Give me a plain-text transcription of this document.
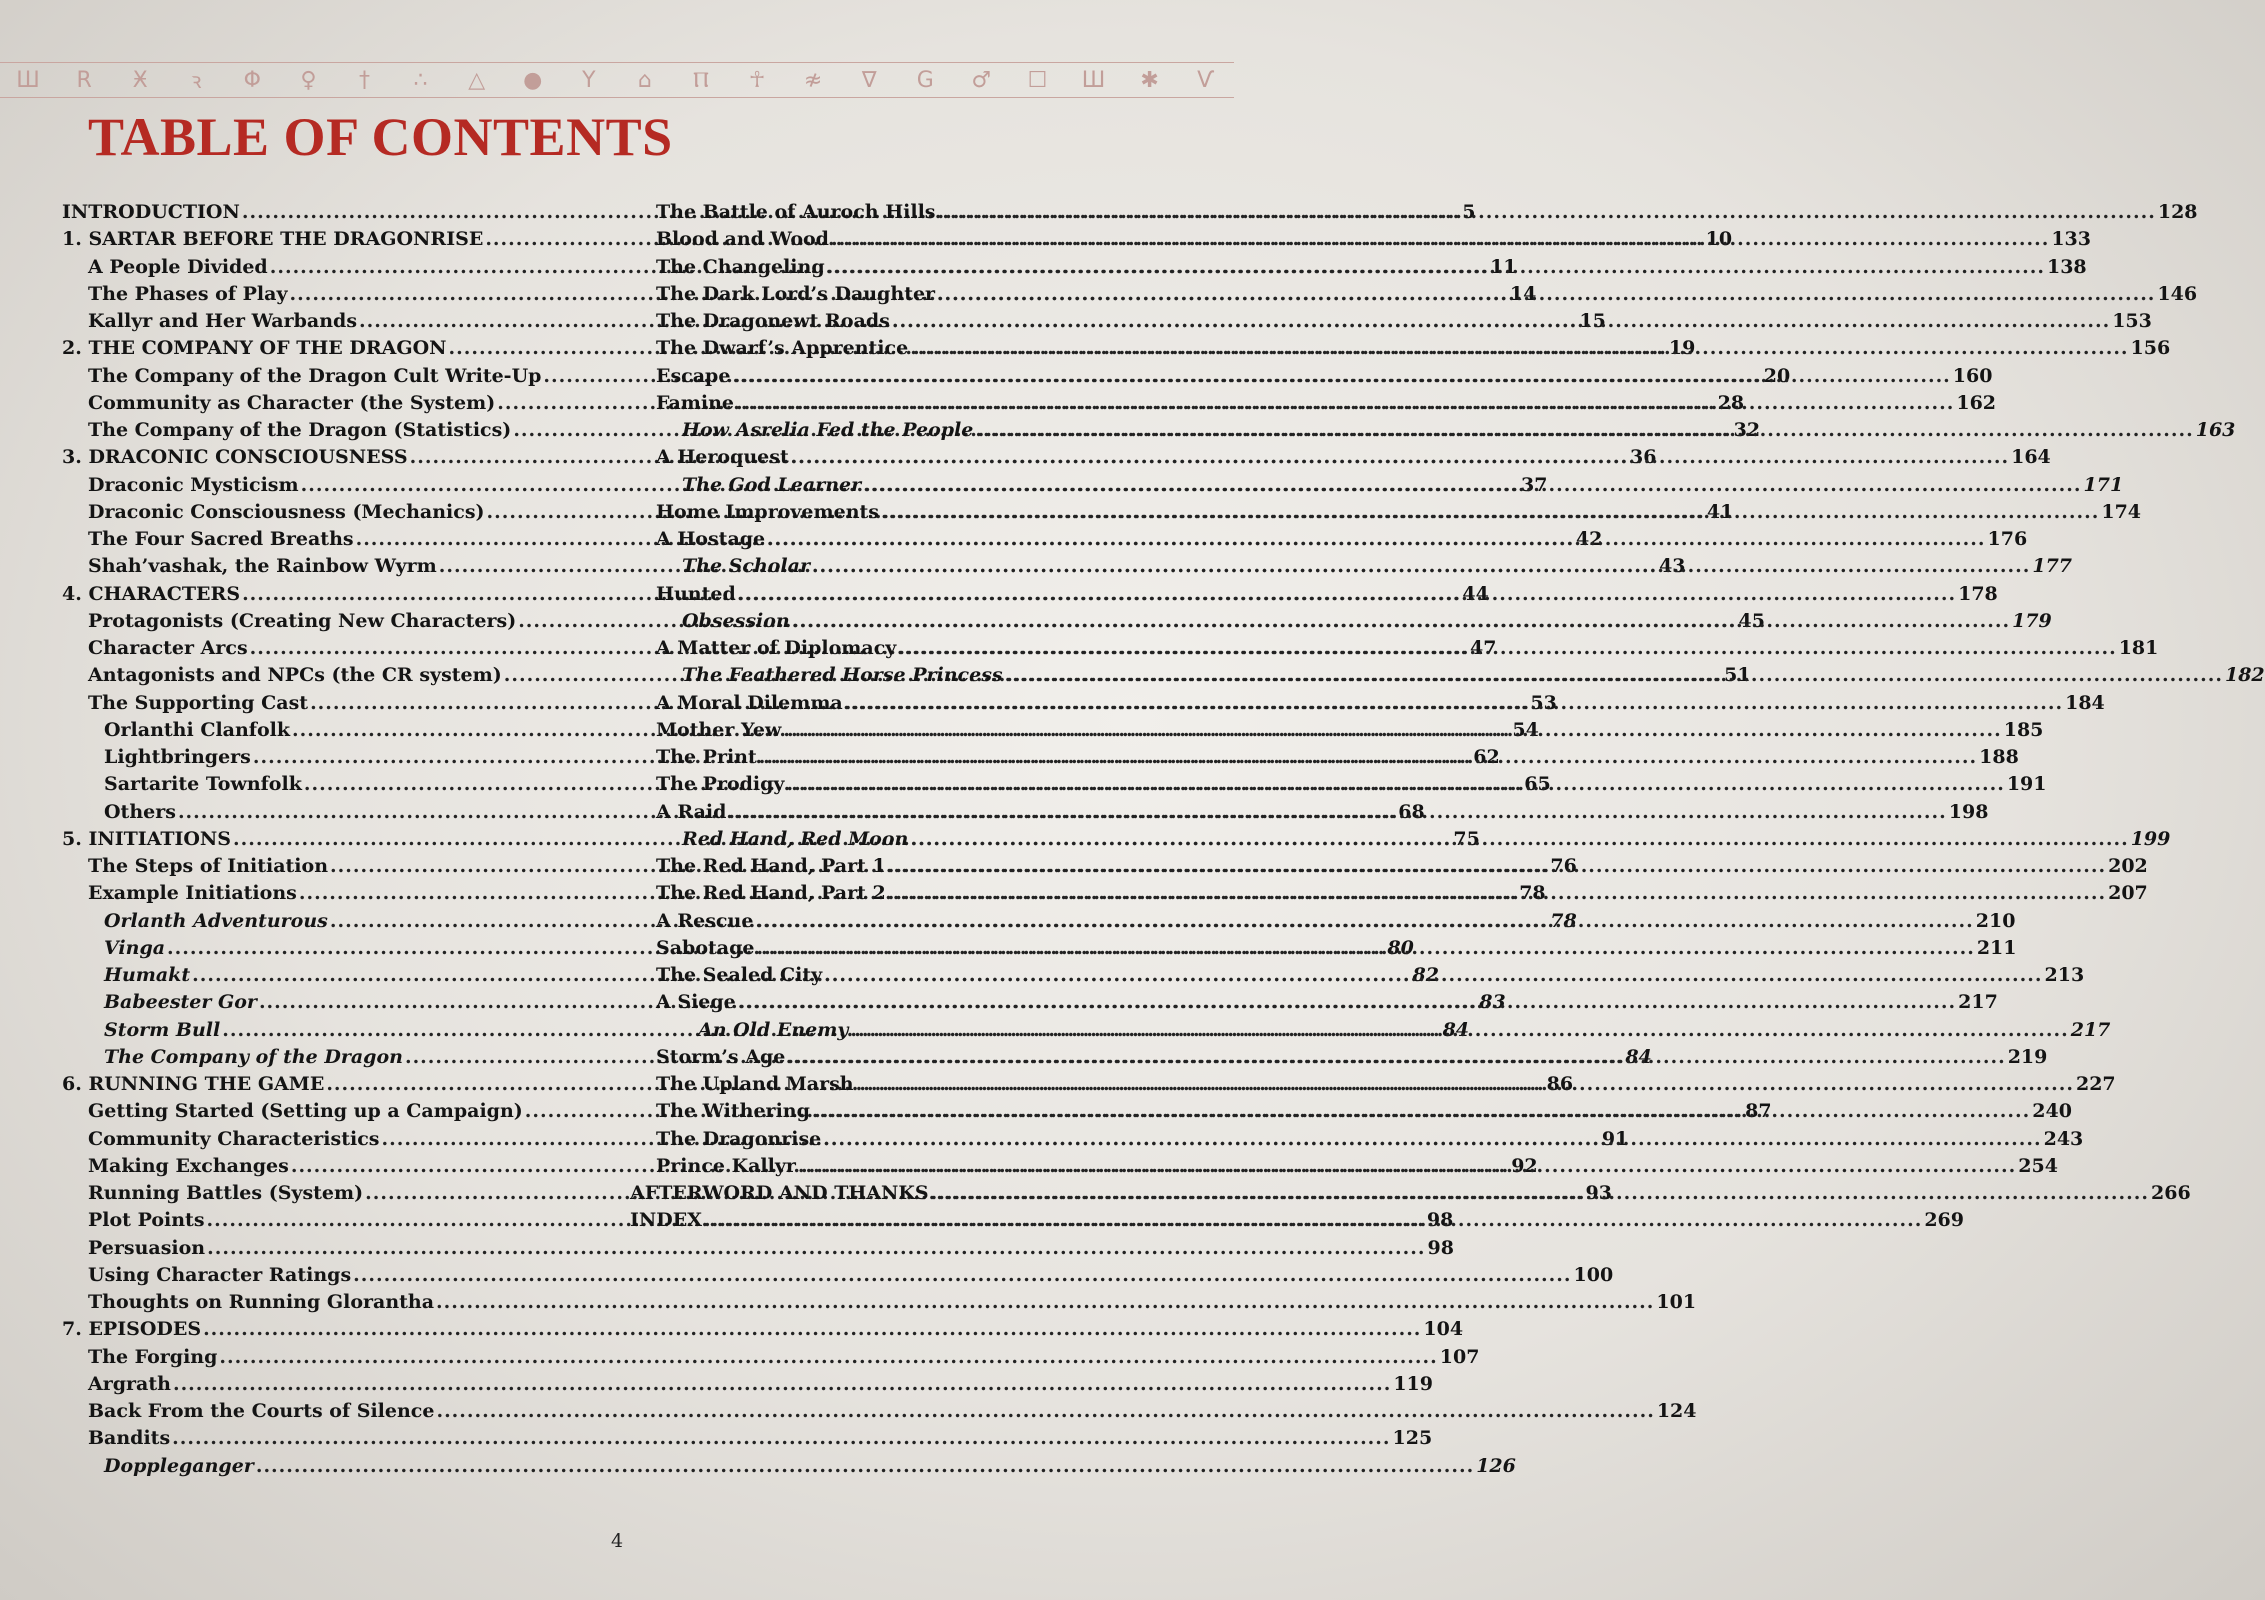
Ш	R	Ӿ	ꝛ	Φ	♀	†	∴	△	●	Y	⌂	Ⲡ	☥	≉	∇	G	♂	☐	Ш	✱	Ѵ
TABLE OF CONTENTS
INTRODUCTION .....	5
1. SARTAR BEFORE THE DRAGONRISE .....	10
A People Divided .....	11
The Phases of Play .....	14
Kallyr and Her Warbands .....	15
2. THE COMPANY OF THE DRAGON .....	19
The Company of the Dragon Cult Write-Up .....	20
Community as Character (the System) .....	28
The Company of the Dragon (Statistics) .....	32
3. DRACONIC CONSCIOUSNESS .....	36
Draconic Mysticism .....	37
Draconic Consciousness (Mechanics) .....	41
The Four Sacred Breaths .....	42
Shah’vashak, the Rainbow Wyrm .....	43
4. CHARACTERS .....	44
Protagonists (Creating New Characters) .....	45
Character Arcs .....	47
Antagonists and NPCs (the CR system) .....	51
The Supporting Cast .....	53
Orlanthi Clanfolk .....	54
Lightbringers .....	62
Sartarite Townfolk .....	65
Others .....	68
5. INITIATIONS .....	75
The Steps of Initiation .....	76
Example Initiations .....	78
Orlanth Adventurous .....	78
Vinga .....	80
Humakt .....	82
Babeester Gor .....	83
Storm Bull .....	84
The Company of the Dragon .....	84
6. RUNNING THE GAME .....	86
Getting Started (Setting up a Campaign) .....	87
Community Characteristics .....	91
Making Exchanges .....	92
Running Battles (System) .....	93
Plot Points .....	98
Persuasion .....	98
Using Character Ratings .....	100
Thoughts on Running Glorantha .....	101
7. EPISODES .....	104
The Forging .....	107
Argrath .....	119
Back From the Courts of Silence .....	124
Bandits .....	125
Doppleganger .....	126
The Battle of Auroch Hills .....	128
Blood and Wood .....	133
The Changeling .....	138
The Dark Lord’s Daughter .....	146
The Dragonewt Roads .....	153
The Dwarf’s Apprentice .....	156
Escape .....	160
Famine .....	162
How Asrelia Fed the People .....	163
A Heroquest .....	164
The God Learner .....	171
Home Improvements .....	174
A Hostage .....	176
The Scholar .....	177
Hunted .....	178
Obsession .....	179
A Matter of Diplomacy .....	181
The Feathered Horse Princess .....	182
A Moral Dilemma .....	184
Mother Yew .....	185
The Print .....	188
The Prodigy .....	191
A Raid .....	198
Red Hand, Red Moon .....	199
The Red Hand, Part 1 .....	202
The Red Hand, Part 2 .....	207
A Rescue .....	210
Sabotage .....	211
The Sealed City .....	213
A Siege .....	217
An Old Enemy .....	217
Storm’s Age .....	219
The Upland Marsh .....	227
The Withering .....	240
The Dragonrise .....	243
Prince Kallyr .....	254
AFTERWORD AND THANKS .....	266
INDEX .....	269
4
